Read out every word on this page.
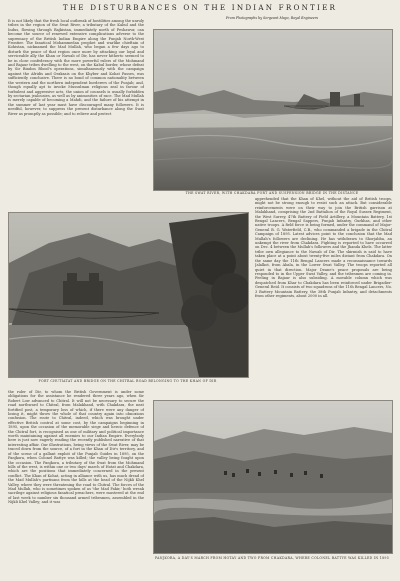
THE DISTURBANCES ON THE INDIAN FRONTIER
From Photographs by Sergeant Mayo, Royal Engineers
It is not likely that the fresh local outbreak of hostilities among the unruly tribes in the region of the Swat River, a tributary of the Kabul and the Indus, flowing through Bajkistan, immediately north of Peshawur, can become the source of renewed extensive complications adverse to the supremacy of the British Indian Empire along the Punjab North-West Frontier. The fanatical Mohammedan prophet and warlike chieftain of Kohistan, nicknamed the Mad Mullah, who began a few days ago to disturb the peace of that region once more by attacking our loyal and serviceable ally the Khan or Nawab of Dir, has never hitherto seemed to be in close confederacy with the more powerful rulers of the Mohmand and Bajaur tribes dwelling to the west, on the Kabul border, whose defeat by Sir Bindon Blood's operations, simultaneously with the campaign against the Afridis and Orakzais on the Khyber and Kohat Passes, was sufficiently conclusive. There is no bond of common nationality between the western and the northern independent borderers of the Punjab; and, though equally apt to invoke Mussulman religious zeal in favour of turbulent and aggressive acts, the union of counsels is usually forbidden by sectarian jealousies, as well as by animosities of race. The Mad Mullah is merely capable of becoming a Mahdi, and the failure of his attempt in the summer of last year must have discouraged many followers. It is needful, however, to suppress the present disturbance along the Swat River as promptly as possible; and to relieve and protect
THE SWAT RIVER, WITH CHAKDARA FORT AND SUSPENSION BRIDGE IN THE DISTANCE
FORT CHUTIATAT AND BRIDGE ON THE CHITRAL ROAD BELONGING TO THE KHAN OF DIR
apprehended that the Khan of Khel, without the aid of British troops, might not be strong enough to resist such an attack. But considerable reinforcements were on their way to join the British garrison at Malakhand, comprising the 2nd Battalion of the Royal Sussex Regiment, the West Surrey, 47th Battery of Field Artillery, a Mountain Battery, 1st Bengal Lancers, Bengal Sappers, Punjab Infantry, Gurkhas, and other native troops. A field force is being formed, under the command of Major-General B. G. Waterfield, C.B., who commanded a brigade in the Chitral Campaign of 1895. Latest advices point to the conclusion that the Mad Mullah's followers are declining. He has withdrawn to Shorjabba, an unkempt the river from Chakdara. Fighting is reported to have occurred on Dec. 4 between the Mullah's followers and the Jhanda Khels. The latter tribe own allegiance to the Nawab of Dir. The skirmish is said to have taken place at a point about twenty-five miles distant from Chakdara. On the same day the 11th Bengal Lancers made a reconnaissance towards Jalalkot, from Abala, in the Lower Swat Valley. The troops reported all quiet in that direction. Major Deane's peace proposals are being responded to in the Upper Swat Valley, and the tribesmen are coming in. Feeling in Bajaur is also subsiding. A movable column which was despatched from Khar to Chakdara has been reinforced under Brigadier-General Reid. It consists of two squadrons of the 11th Bengal Lancers, No. 3 Battery Mountain Battery, the 38th Punjab Infantry, and detachments from other regiments, about 2000 in all.
the ruler of Dir, to whom the British Government is under some obligations for the assistance he rendered three years ago, when Sir Robert Low advanced to Chitral. It will not be necessary to secure the road northward to Chitral, from Malakhand, with Chakdara, the neat fortified post, a temporary loss of which, if there were any danger of losing it, might throw the whole of that country again into obnoxious confusion. The route to Chitral, indeed, which was brought under effective British control at some cost, by the campaigns beginning in 1895, upon the occasion of the memorable siege and heroic defence of the Chitral fort, is recognised as one of military and political importance worth maintaining against all enemies to our Indian Empire. Everybody here is just now eagerly reading the recently published narrative of that interesting affair. Our illustrations, being views of the Swat River, may be traced down from the source, of a fort in the Khan of Dir's territory, and of the scene of a gallant exploit of the Punjab Guides in 1895, on the Panjkora, when Colonel Battye was killed; the valley being fought upon the occasion. The Panjkora, a tributary of the Swat from the Mohmand hills of the west, is within one or two days' march of Hotat and Chakdara, which are the positions that immediately concerned in the present conflict. The Khan of Kohat, acting in alliance with us, has much dread of the Mad Mullah's partisans from the hills at the head of the Nijkli Khel Valley, where they were threatening the road to Chitral. The forces of the Mad Mullah, who is sometimes spoken of as 'the Mad Fakir,' both wreak sacrilege against religious fanatical preachers, were mustered at the end of last week to number six thousand armed tribesmen, assembled in the Nijkli Khel Valley; and it was
PANJKORA, A DAY'S MARCH FROM HOTAY AND TWO FROM CHAKDARA, WHERE COLONEL BATTYE WAS KILLED IN 1895
